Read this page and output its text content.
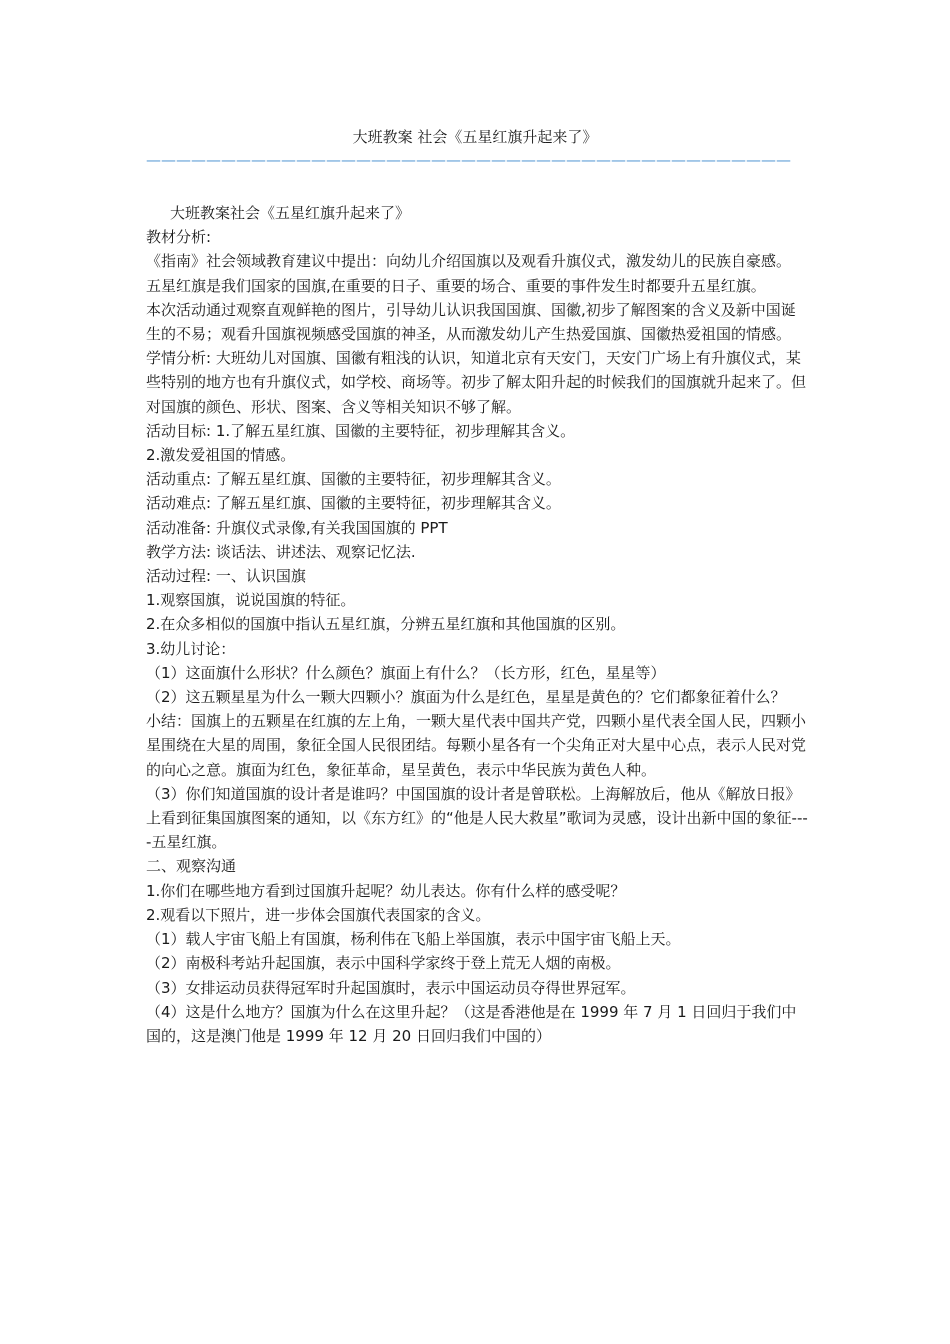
大班教案 社会《五星红旗升起来了》
———————————————————————————————————————————

大班教案社会《五星红旗升起来了》

教材分析:

《指南》社会领域教育建议中提出：向幼儿介绍国旗以及观看升旗仪式，激发幼儿的民族自豪感。

五星红旗是我们国家的国旗,在重要的日子、重要的场合、重要的事件发生时都要升五星红旗。

本次活动通过观察直观鲜艳的图片，引导幼儿认识我国国旗、国徽,初步了解图案的含义及新中国诞生的不易；观看升国旗视频感受国旗的神圣，从而激发幼儿产生热爱国旗、国徽热爱祖国的情感。

学情分析: 大班幼儿对国旗、国徽有粗浅的认识，知道北京有天安门，天安门广场上有升旗仪式，某些特别的地方也有升旗仪式，如学校、商场等。初步了解太阳升起的时候我们的国旗就升起来了。但对国旗的颜色、形状、图案、含义等相关知识不够了解。

活动目标: 1.了解五星红旗、国徽的主要特征，初步理解其含义。

2.激发爱祖国的情感。

活动重点: 了解五星红旗、国徽的主要特征，初步理解其含义。

活动难点: 了解五星红旗、国徽的主要特征，初步理解其含义。

活动准备: 升旗仪式录像,有关我国国旗的 PPT

教学方法: 谈话法、讲述法、观察记忆法.

活动过程: 一、认识国旗

1.观察国旗，说说国旗的特征。

2.在众多相似的国旗中指认五星红旗，分辨五星红旗和其他国旗的区别。

3.幼儿讨论：

（1）这面旗什么形状？什么颜色？旗面上有什么？（长方形，红色，星星等）

（2）这五颗星星为什么一颗大四颗小？旗面为什么是红色，星星是黄色的？它们都象征着什么？

小结：国旗上的五颗星在红旗的左上角，一颗大星代表中国共产党，四颗小星代表全国人民，四颗小星围绕在大星的周围，象征全国人民很团结。每颗小星各有一个尖角正对大星中心点，表示人民对党的向心之意。旗面为红色，象征革命，星呈黄色，表示中华民族为黄色人种。

（3）你们知道国旗的设计者是谁吗？中国国旗的设计者是曾联松。上海解放后，他从《解放日报》上看到征集国旗图案的通知，以《东方红》的“他是人民大救星”歌词为灵感，设计出新中国的象征----五星红旗。

二、观察沟通

1.你们在哪些地方看到过国旗升起呢？幼儿表达。你有什么样的感受呢？

2.观看以下照片，进一步体会国旗代表国家的含义。

（1）载人宇宙飞船上有国旗，杨利伟在飞船上举国旗，表示中国宇宙飞船上天。

（2）南极科考站升起国旗，表示中国科学家终于登上荒无人烟的南极。

（3）女排运动员获得冠军时升起国旗时，表示中国运动员夺得世界冠军。

（4）这是什么地方？国旗为什么在这里升起？（这是香港他是在 1999 年 7 月 1 日回归于我们中国的，这是澳门他是 1999 年 12 月 20 日回归我们中国的）
